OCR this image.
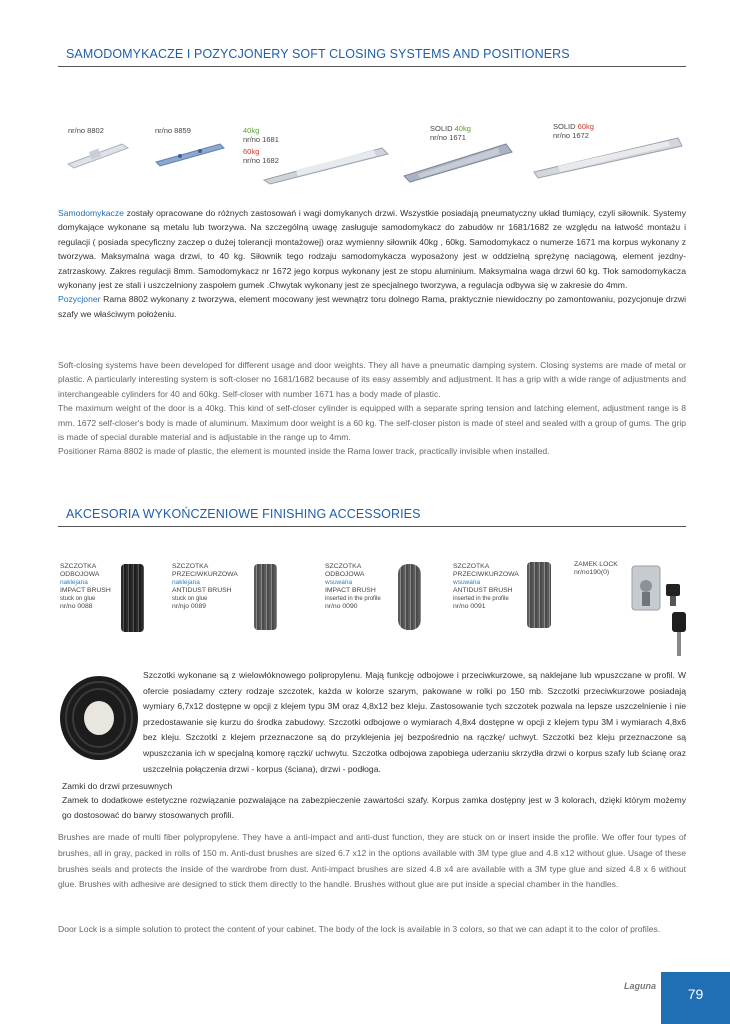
SAMODOMYKACZE I POZYCJONERY SOFT CLOSING SYSTEMS AND POSITIONERS
nr/no 8802	nr/no 8859	40kg
nr/no 1681
60kg
nr/no 1682
SOLID 40kg
nr/no 1671
SOLID 60kg
nr/no 1672
Samodomykacze zostały opracowane do różnych zastosowań i wagi domykanych drzwi. Wszystkie posiadają pneumatyczny układ tłumiący, czyli siłownik. Systemy domykające wykonane są metalu lub tworzywa. Na szczególną uwagę zasługuje samodomykacz do zabudów nr 1681/1682 ze względu na łatwość montażu i regulacji ( posiada specyficzny zaczep o dużej tolerancji montażowej) oraz wymienny siłownik 40kg , 60kg. Samodomykacz o numerze 1671 ma korpus wykonany z tworzywa. Maksymalna waga drzwi, to 40 kg. Siłownik tego rodzaju samodomykacza wyposażony jest w oddzielną sprężynę naciągową, element jezdny- zatrzaskowy. Zakres regulacji 8mm. Samodomykacz nr 1672 jego korpus wykonany jest ze stopu aluminium. Maksymalna waga drzwi 60 kg. Tłok samodomykacza wykonany jest ze stali i uszczelniony zaspołem gumek .Chwytak wykonany jest ze specjalnego tworzywa, a regulacja odbywa się w zakresie do 4mm.
Pozycjoner Rama 8802 wykonany z tworzywa, element mocowany jest wewnątrz toru dolnego Rama, praktycznie niewidoczny po zamontowaniu, pozycjonuje drzwi szafy we właściwym położeniu.
Soft-closing systems have been developed for different usage and door weights. They all have a pneumatic damping system. Closing systems are made of metal or plastic. A particularly interesting system is soft-closer no 1681/1682 because of its easy assembly and adjustment. It has a grip with a wide range of adjustments and interchangeable cylinders for 40 and 60kg. Self-closer with number 1671 has a body made of plastic.
The maximum weight of the door is a 40kg. This kind of self-closer cylinder is equipped with a separate spring tension and latching element, adjustment range is 8 mm. 1672 self-closer's body is made of aluminum. Maximum door weight is a 60 kg. The self-closer piston is made of steel and sealed with a group of gums. The grip is made of special durable material and is adjustable in the range up to 4mm.
Positioner Rama 8802 is made of plastic, the element is mounted inside the Rama lower track, practically invisible when installed.
AKCESORIA WYKOŃCZENIOWE FINISHING ACCESSORIES
SZCZOTKA
ODBOJOWA
naklejana
IMPACT BRUSH
stuck on glue
nr/no 0088
SZCZOTKA
PRZECIWKURZOWA
naklejana
ANTIDUST BRUSH
stuck on glue
nr/njo 0089
SZCZOTKA
ODBOJOWA
wsuwana
IMPACT BRUSH
inserted in the profile
nr/no 0090
SZCZOTKA
PRZECIWKURZOWA
wsuwana
ANTIDUST BRUSH
inserted in the profile
nr/no 0091
ZAMEK LOCK
nr/no190(0)
Szczotki wykonane są z wielowłóknowego polipropylenu. Mają funkcję odbojowe i przeciwkurzowe, są naklejane lub wpuszczane w profil. W ofercie posiadamy cztery rodzaje szczotek, każda w kolorze szarym, pakowane w rolki po 150 mb. Szczotki przeciwkurzowe posiadają wymiary 6,7x12 dostępne w opcji z klejem typu 3M oraz 4,8x12 bez kleju. Zastosowanie tych szczotek pozwala na lepsze uszczelnienie i nie przedostawanie się kurzu do środka zabudowy. Szczotki odbojowe o wymiarach 4,8x4 dostępne w opcji z klejem typu 3M i wymiarach 4,8x6 bez kleju. Szczotki z klejem przeznaczone są do przyklejenia jej bezpośrednio na rączkę/ uchwyt. Szczotki bez kleju przeznaczone są wpuszczania ich w specjalną komorę rączki/ uchwytu. Szczotka odbojowa zapobiega uderzaniu skrzydła drzwi o korpus szafy lub ścianę oraz uszczelnia połączenia drzwi - korpus (ściana), drzwi - podłoga.
Zamki do drzwi przesuwnych
Zamek to dodatkowe estetyczne rozwiązanie pozwalające na zabezpieczenie zawartości szafy. Korpus zamka dostępny jest w 3 kolorach, dzięki którym możemy go dostosować do barwy stosowanych profili.
Brushes are made of multi fiber polypropylene. They have a anti-impact and anti-dust function, they are stuck on or insert inside the profile. We offer four types of brushes, all in gray, packed in rolls of 150 m. Anti-dust brushes are sized 6.7 x12 in the options available with 3M type glue and 4.8 x12 without glue. Usage of these brushes seals and protects the inside of the wardrobe from dust. Anti-impact brushes are sized 4.8 x4 are available with a 3M type glue and sized 4.8 x 6 without glue. Brushes with adhesive are designed to stick them directly to the handle. Brushes without glue are put inside a special chamber in the handles.
Door Lock is a simple solution to protect the content of your cabinet. The body of the lock is available in 3 colors, so that we can adapt it to the color of profiles.
Laguna	79
